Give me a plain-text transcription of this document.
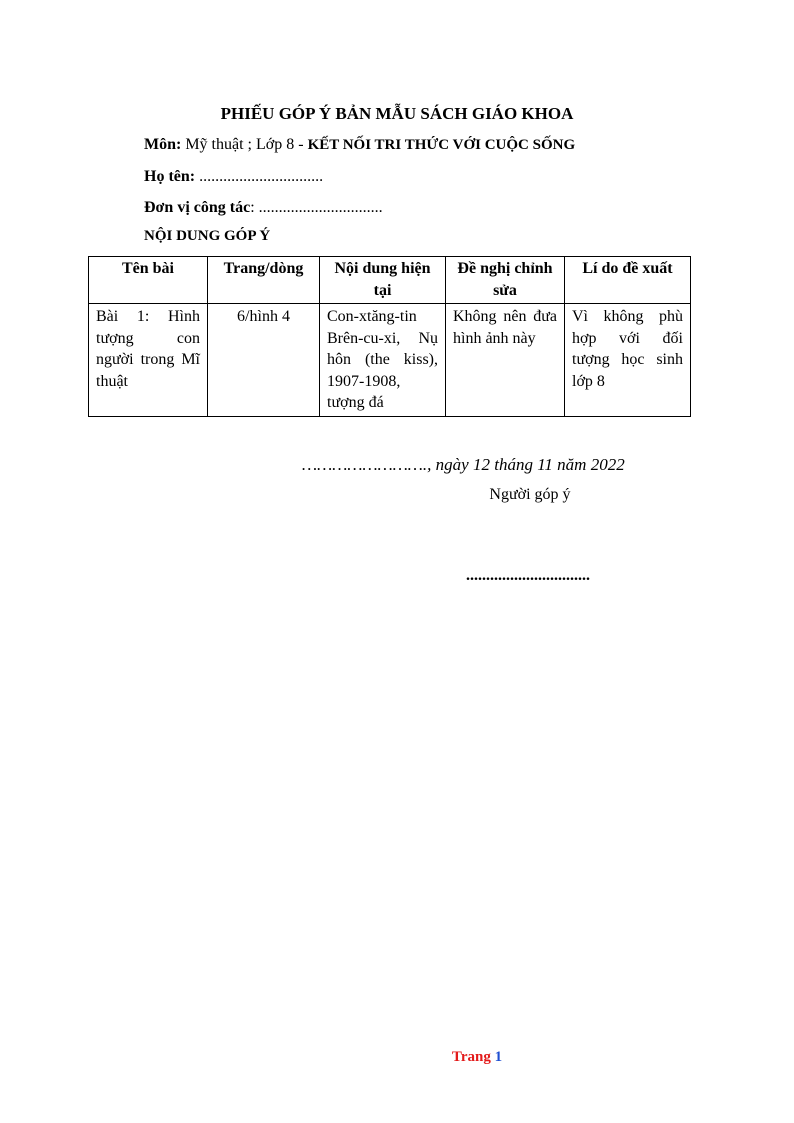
PHIẾU GÓP Ý BẢN MẪU SÁCH GIÁO KHOA
Môn: Mỹ thuật ; Lớp 8 - KẾT NỐI TRI THỨC VỚI CUỘC SỐNG
Họ tên: ...............................
Đơn vị công tác: ...............................
NỘI DUNG GÓP Ý
Tên bài	Trang/dòng	Nội dung hiện tại	Đề nghị chỉnh sửa	Lí do đề xuất
Bài 1: Hình tượng con người trong Mĩ thuật	6/hình 4	Con-xtăng-tin Brên-cu-xi, Nụ hôn (the kiss), 1907-1908, tượng đá	Không nên đưa hình ảnh này	Vì không phù hợp với đối tượng học sinh lớp 8
……………………., ngày 12 tháng 11 năm 2022
Người góp ý
...............................
Trang 1
